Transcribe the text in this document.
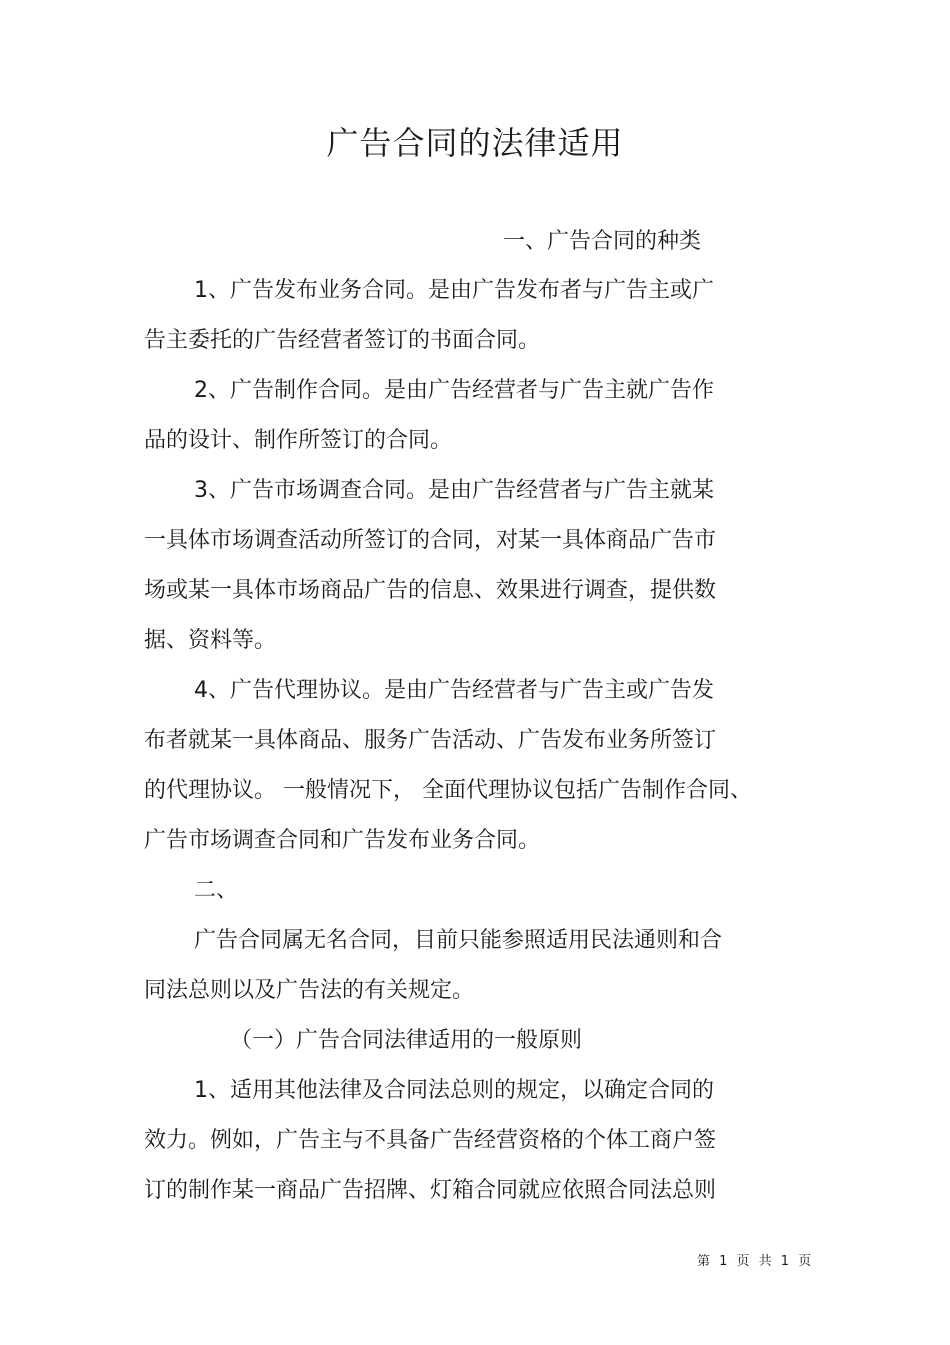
广告合同的法律适用
一、广告合同的种类
1、广告发布业务合同。是由广告发布者与广告主或广
告主委托的广告经营者签订的书面合同。
2、广告制作合同。是由广告经营者与广告主就广告作
品的设计、制作所签订的合同。
3、广告市场调查合同。是由广告经营者与广告主就某
一具体市场调查活动所签订的合同，对某一具体商品广告市
场或某一具体市场商品广告的信息、效果进行调查，提供数
据、资料等。
4、广告代理协议。是由广告经营者与广告主或广告发
布者就某一具体商品、服务广告活动、广告发布业务所签订
的代理协议。 一般情况下， 全面代理协议包括广告制作合同、
广告市场调查合同和广告发布业务合同。
二、
广告合同属无名合同，目前只能参照适用民法通则和合
同法总则以及广告法的有关规定。
（一）广告合同法律适用的一般原则
1、适用其他法律及合同法总则的规定，以确定合同的
效力。例如，广告主与不具备广告经营资格的个体工商户签
订的制作某一商品广告招牌、灯箱合同就应依照合同法总则
第 1 页 共 1 页
